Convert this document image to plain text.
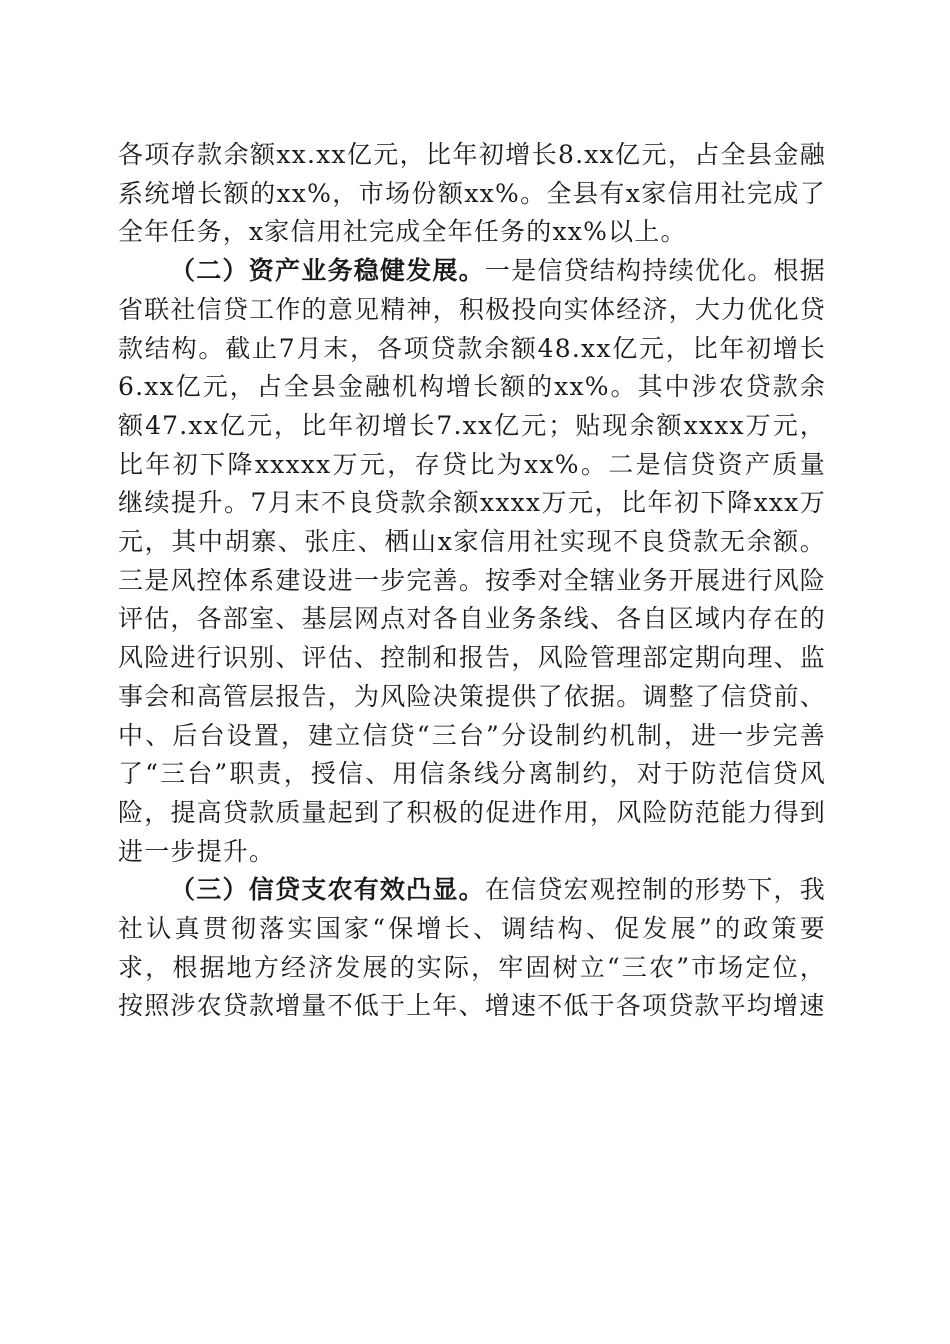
各项存款余额xx.xx亿元，比年初增长8.xx亿元，占全县金融系统增长额的xx%，市场份额xx%。全县有x家信用社完成了全年任务，x家信用社完成全年任务的xx%以上。

（二）资产业务稳健发展。一是信贷结构持续优化。根据省联社信贷工作的意见精神，积极投向实体经济，大力优化贷款结构。截止7月末，各项贷款余额48.xx亿元，比年初增长6.xx亿元，占全县金融机构增长额的xx%。其中涉农贷款余额47.xx亿元，比年初增长7.xx亿元；贴现余额xxxx万元，比年初下降xxxxx万元，存贷比为xx%。二是信贷资产质量继续提升。7月末不良贷款余额xxxx万元，比年初下降xxx万元，其中胡寨、张庄、栖山x家信用社实现不良贷款无余额。三是风控体系建设进一步完善。按季对全辖业务开展进行风险评估，各部室、基层网点对各自业务条线、各自区域内存在的风险进行识别、评估、控制和报告，风险管理部定期向理、监事会和高管层报告，为风险决策提供了依据。调整了信贷前、中、后台设置，建立信贷“三台”分设制约机制，进一步完善了“三台”职责，授信、用信条线分离制约，对于防范信贷风险，提高贷款质量起到了积极的促进作用，风险防范能力得到进一步提升。

（三）信贷支农有效凸显。在信贷宏观控制的形势下，我社认真贯彻落实国家“保增长、调结构、促发展”的政策要求，根据地方经济发展的实际，牢固树立“三农”市场定位，按照涉农贷款增量不低于上年、增速不低于各项贷款平均增速
